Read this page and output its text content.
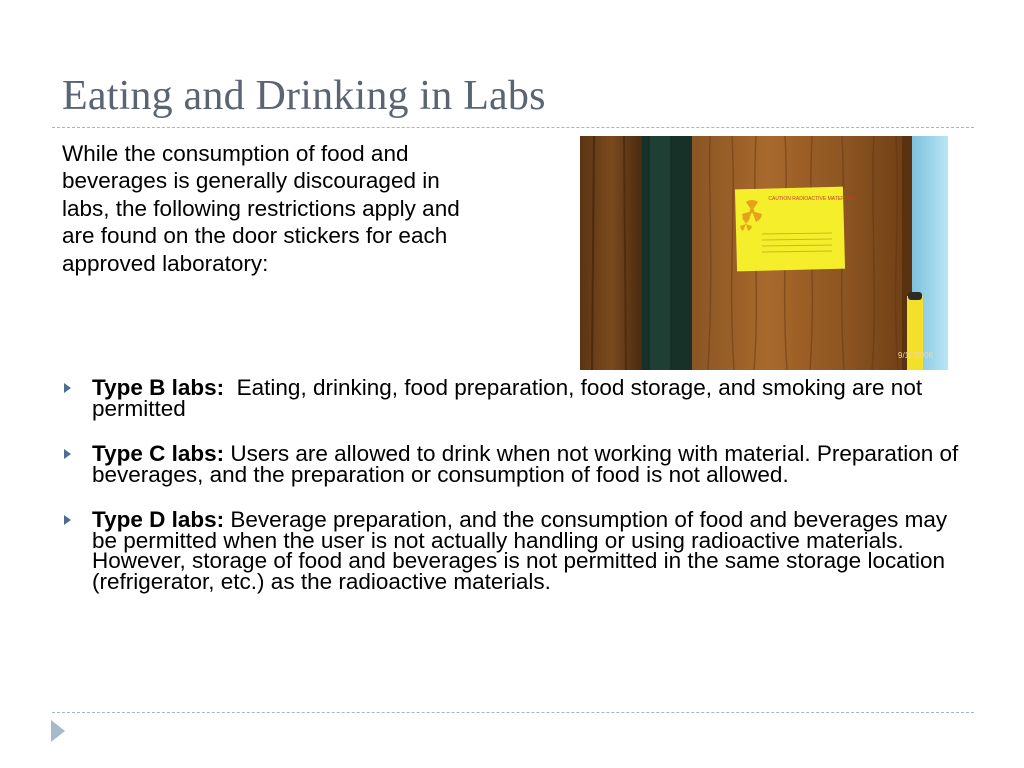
Eating and Drinking in Labs

While the consumption of food and beverages is generally discouraged in labs, the following restrictions apply and are found on the door stickers for each approved laboratory:

CAUTION RADIOACTIVE MATERIALS
9/11/2006
Type B labs: Eating, drinking, food preparation, food storage, and smoking are not permitted
Type C labs: Users are allowed to drink when not working with material. Preparation of beverages, and the preparation or consumption of food is not allowed.
Type D labs: Beverage preparation, and the consumption of food and beverages may be permitted when the user is not actually handling or using radioactive materials. However, storage of food and beverages is not permitted in the same storage location (refrigerator, etc.) as the radioactive materials.
